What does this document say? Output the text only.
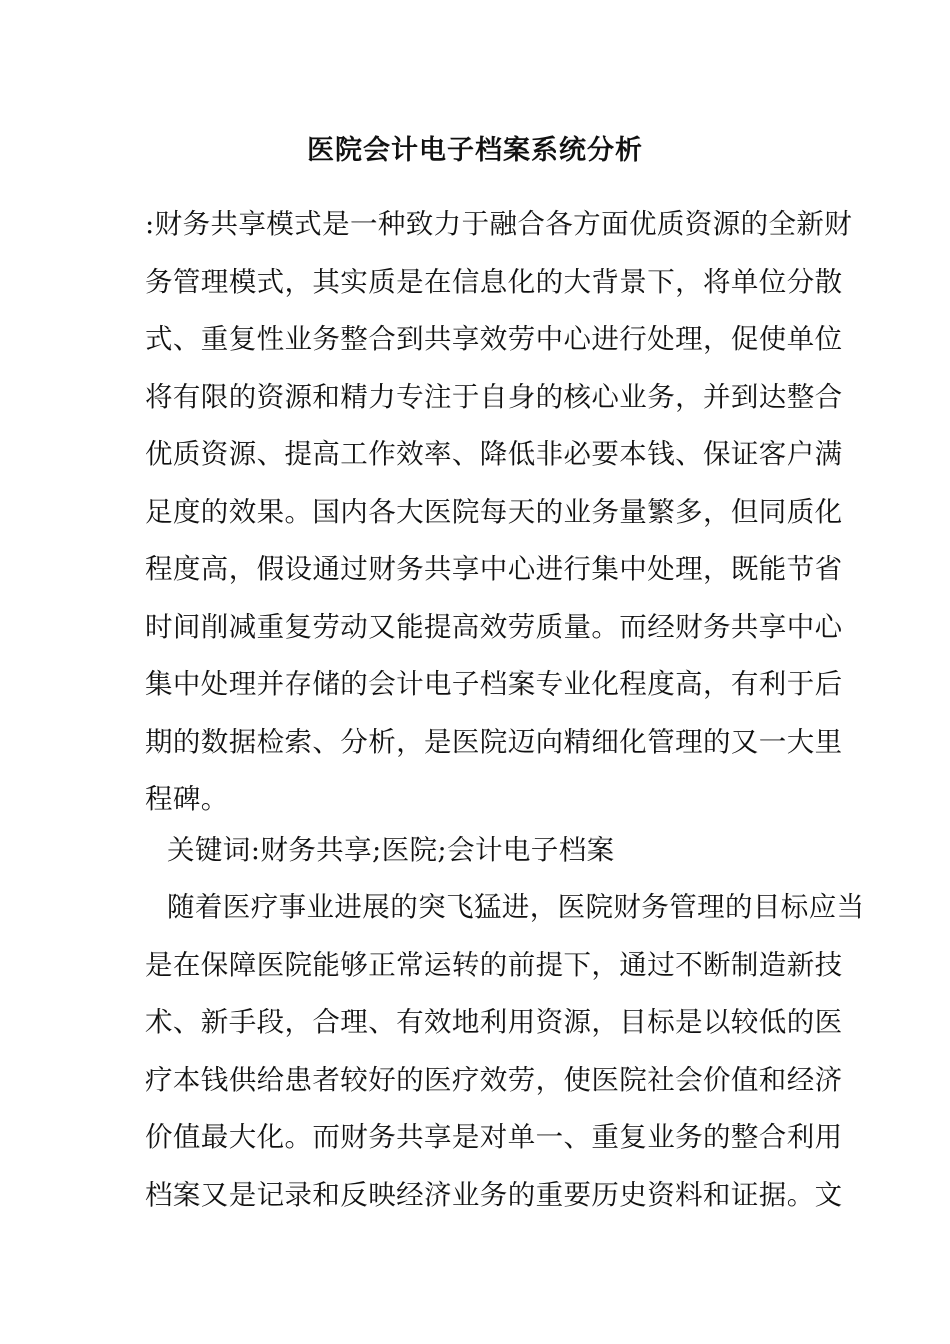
医院会计电子档案系统分析
:财务共享模式是一种致力于融合各方面优质资源的全新财
务管理模式，其实质是在信息化的大背景下，将单位分散
式、重复性业务整合到共享效劳中心进行处理，促使单位
将有限的资源和精力专注于自身的核心业务，并到达整合
优质资源、提高工作效率、降低非必要本钱、保证客户满
足度的效果。国内各大医院每天的业务量繁多，但同质化
程度高，假设通过财务共享中心进行集中处理，既能节省
时间削减重复劳动又能提高效劳质量。而经财务共享中心
集中处理并存储的会计电子档案专业化程度高，有利于后
期的数据检索、分析，是医院迈向精细化管理的又一大里
程碑。
关键词:财务共享;医院;会计电子档案
随着医疗事业进展的突飞猛进，医院财务管理的目标应当
是在保障医院能够正常运转的前提下，通过不断制造新技
术、新手段，合理、有效地利用资源，目标是以较低的医
疗本钱供给患者较好的医疗效劳，使医院社会价值和经济
价值最大化。而财务共享是对单一、重复业务的整合利用
档案又是记录和反映经济业务的重要历史资料和证据。文
